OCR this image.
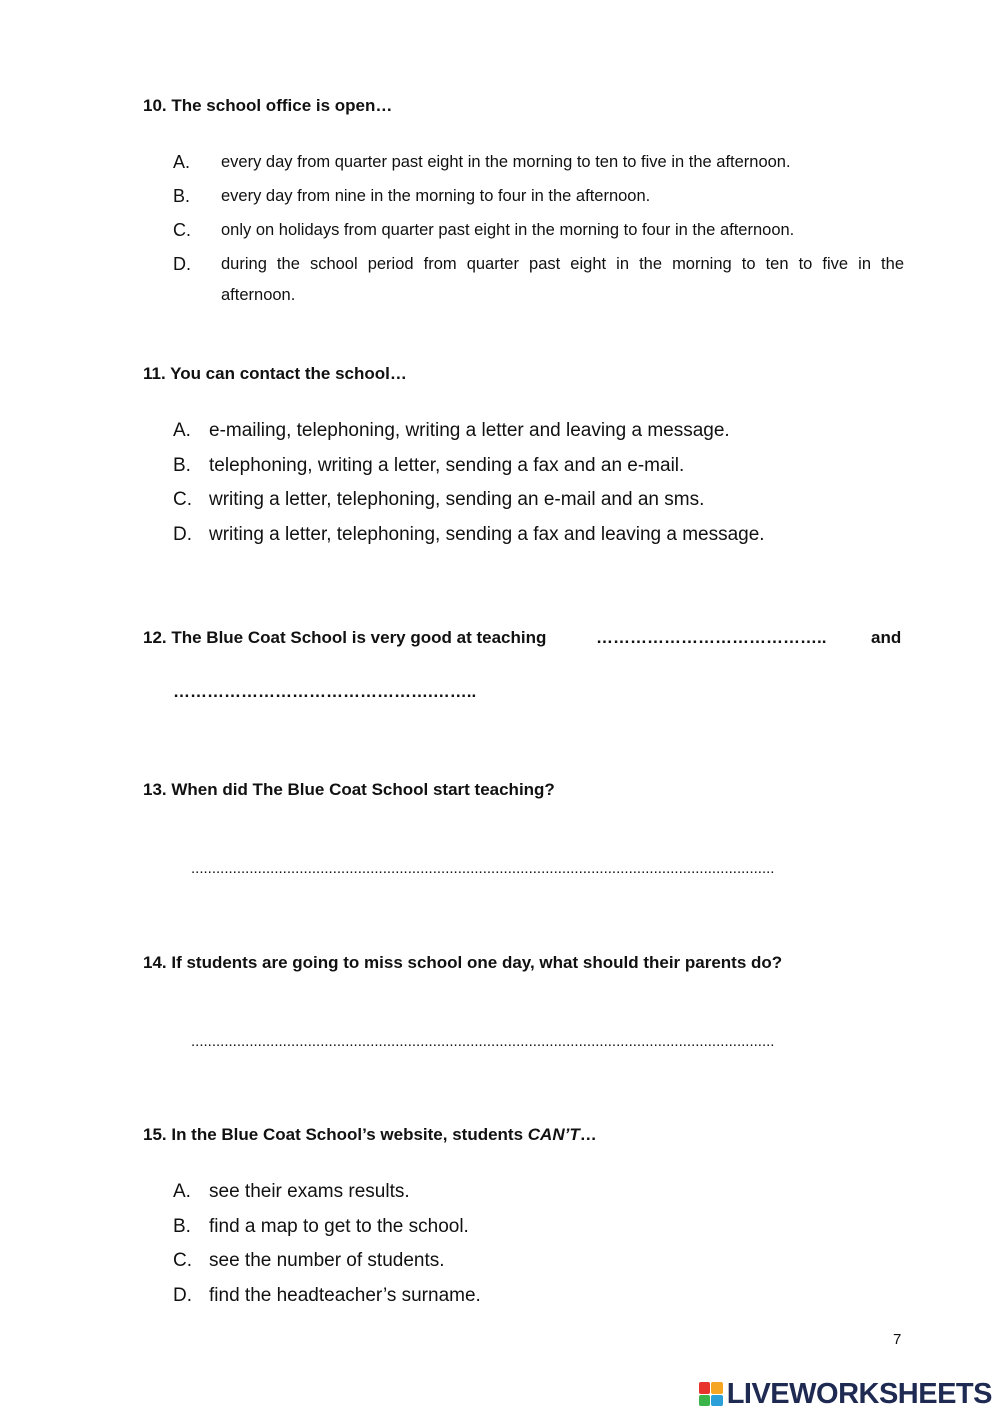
10. The school office is open…
A. every day from quarter past eight in the morning to ten to five in the afternoon.
B. every day from nine in the morning to four in the afternoon.
C. only on holidays from quarter past eight in the morning to four in the afternoon.
D. during the school period from quarter past eight in the morning to ten to five in the
afternoon.
11. You can contact the school…
A. e-mailing, telephoning, writing a letter and leaving a message.
B. telephoning, writing a letter, sending a fax and an e-mail.
C. writing a letter, telephoning, sending an e-mail and an sms.
D. writing a letter, telephoning, sending a fax and leaving a message.
12. The Blue Coat School is very good at teaching	…………………………………..	and
……………………………………….……..
13. When did The Blue Coat School start teaching?
............................................................................................................................................
14. If students are going to miss school one day, what should their parents do?
............................................................................................................................................
15. In the Blue Coat School’s website, students CAN’T…
A. see their exams results.
B. find a map to get to the school.
C. see the number of students.
D. find the headteacher’s surname.
7
LIVEWORKSHEETS
